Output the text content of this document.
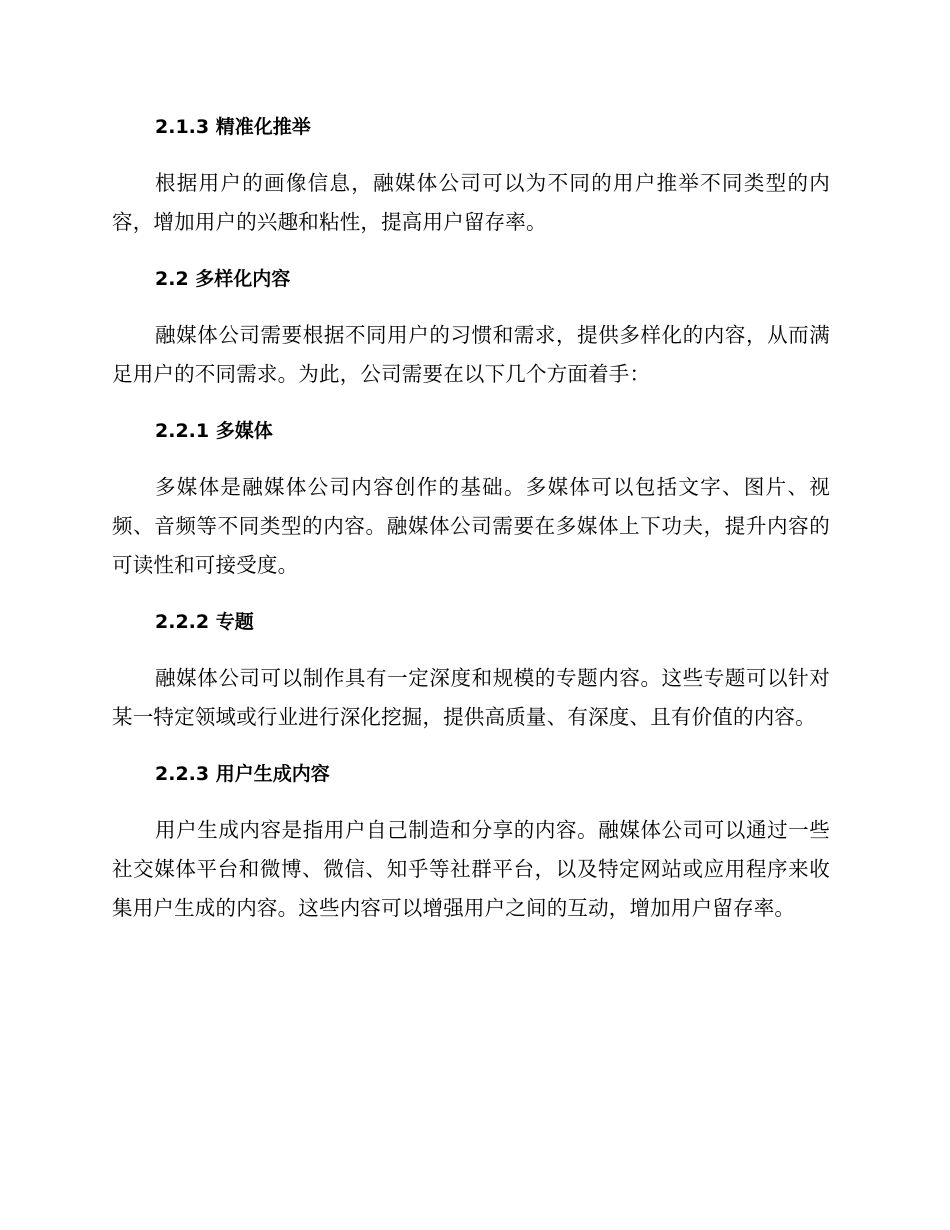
2.1.3 精准化推举

根据用户的画像信息，融媒体公司可以为不同的用户推举不同类型的内容，增加用户的兴趣和粘性，提高用户留存率。

2.2 多样化内容

融媒体公司需要根据不同用户的习惯和需求，提供多样化的内容，从而满足用户的不同需求。为此，公司需要在以下几个方面着手：

2.2.1 多媒体

多媒体是融媒体公司内容创作的基础。多媒体可以包括文字、图片、视频、音频等不同类型的内容。融媒体公司需要在多媒体上下功夫，提升内容的可读性和可接受度。

2.2.2 专题

融媒体公司可以制作具有一定深度和规模的专题内容。这些专题可以针对某一特定领域或行业进行深化挖掘，提供高质量、有深度、且有价值的内容。

2.2.3 用户生成内容

用户生成内容是指用户自己制造和分享的内容。融媒体公司可以通过一些社交媒体平台和微博、微信、知乎等社群平台，以及特定网站或应用程序来收集用户生成的内容。这些内容可以增强用户之间的互动，增加用户留存率。
